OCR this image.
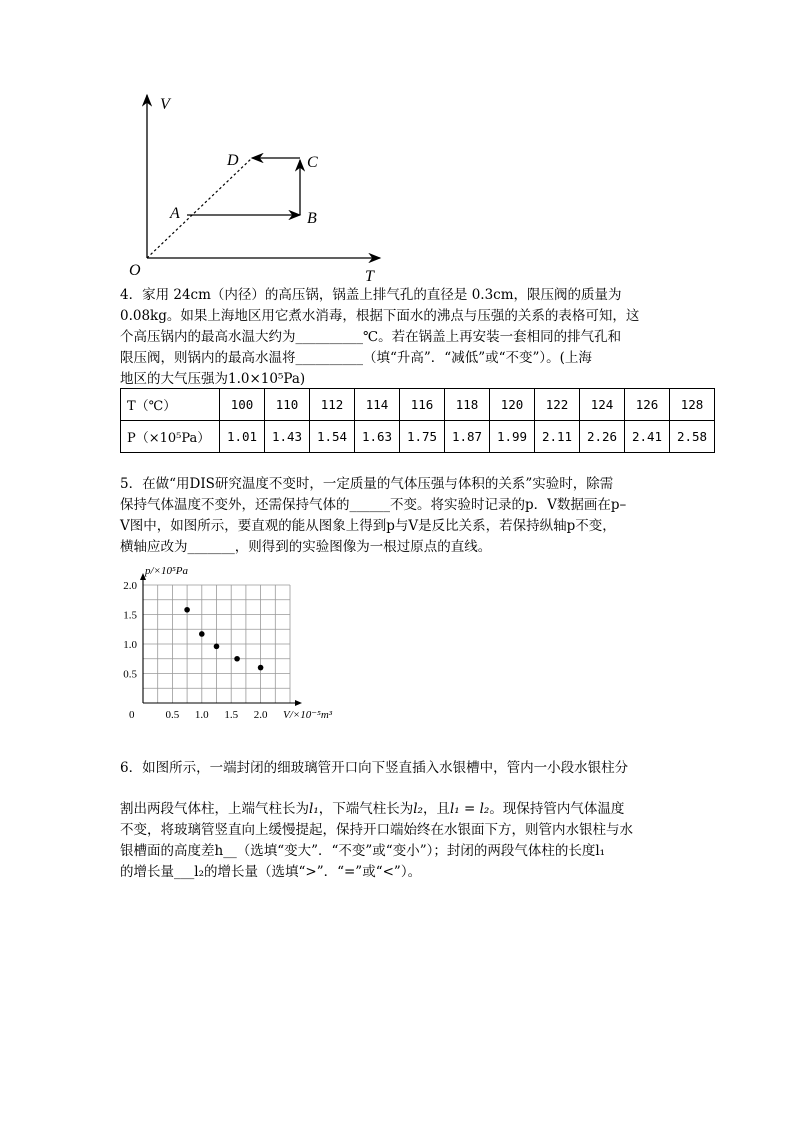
V
T
O
A	B
C
D

4．家用 24cm（内径）的高压锅，锅盖上排气孔的直径是 0.3cm，限压阀的质量为

0.08kg。如果上海地区用它煮水消毒，根据下面水的沸点与压强的关系的表格可知，这

个高压锅内的最高水温大约为__________℃。若在锅盖上再安装一套相同的排气孔和

限压阀，则锅内的最高水温将__________（填“升高”．“减低”或“不变”）。(上海

地区的大气压强为1.0×10⁵Pa)

T（℃）	100	110	112	114	116	118	120	122	124	126	128
P（×10⁵Pa）	1.01	1.43	1.54	1.63	1.75	1.87	1.99	2.11	2.26	2.41	2.58

5．在做“用DIS研究温度不变时，一定质量的气体压强与体积的关系”实验时，除需

保持气体温度不变外，还需保持气体的______不变。将实验时记录的p．V数据画在p–

V图中，如图所示，要直观的能从图象上得到p与V是反比关系，若保持纵轴p不变，

横轴应改为_______，则得到的实验图像为一根过原点的直线。

0.5 1.0 1.5 2.0
0.5
1.0
1.5
2.0
p/×10⁵Pa
V/×10⁻⁵m³
0

6．如图所示，一端封闭的细玻璃管开口向下竖直插入水银槽中，管内一小段水银柱分

割出两段气体柱，上端气柱长为l₁，下端气柱长为l₂，且l₁ = l₂。现保持管内气体温度

不变，将玻璃管竖直向上缓慢提起，保持开口端始终在水银面下方，则管内水银柱与水

银槽面的高度差h__（选填“变大”．“不变”或“变小”）；封闭的两段气体柱的长度l₁

的增长量___l₂的增长量（选填“>”．“=”或“<”）。
